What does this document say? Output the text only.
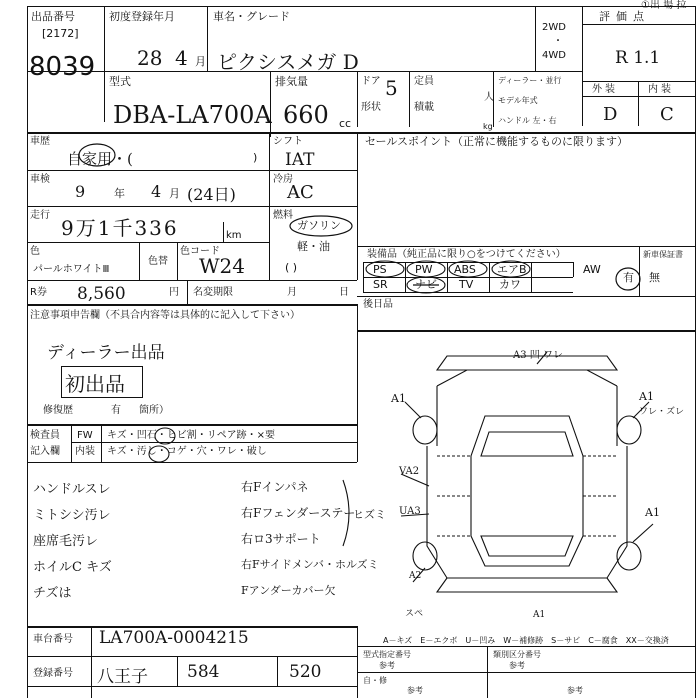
①出 場 拉
出品番号
[2172]
8039
初度登録年月
28 4 月
車名・グレード
ピクシスメガ D
2WD
・
4WD
評価点
R 1.1
型式
DBA-LA700A
排気量
660 cc
ドア 5
形状
定員
人
積載
kg
ディーラー・並行
モデル年式
ハンドル 左・右
外装	内装
D C
車歴
自家用・(	)
シフト
IAT
セールスポイント（正常に機能するものに限ります）
車検
9	年 4 月 (24日)
冷房
AC
走行
9万1千336	km
燃料
ガソリン
軽・油
( )
色
パールホワイトⅢ
色替
色コード
W24	装備品（純正品に限り○をつけてください）	新車保証書
有 無
PS	PW ABS エアB	AW
SR ナビ TV カワ
R券 8,560	円 名変期限	月	日
後日品
注意事項申告欄（不具合内容等は具体的に記入して下さい）
ディーラー出品
初出品
修復歴	有 箇所）
検査員
記入欄
FW キズ・凹石・ヒビ割・リペア跡・×要
内装 キズ・汚し・コゲ・穴・ワレ・破し
ハンドルスレ
ミトシシ汚レ
座席毛汚レ
ホイルC キズ
チズは
右Fインパネ
右Fフェンダーステー
右ロ3サポート
右Fサイドメンバ・ホルズミ
Fアンダーカバー欠
ヒズミ
A3 凹 ワレ
A1	A1
ワレ・ズレ
VA2
UA3	A1
A2
スペ	A1
A－キズ　E－エクボ　U－凹み　W－補修跡　S－サビ　C－腐食　XX－交換済
車台番号 LA700A-0004215
登録番号 八王子 584	520
型式指定番号
参考
類別区分番号
参考
自・修
参考	参考
